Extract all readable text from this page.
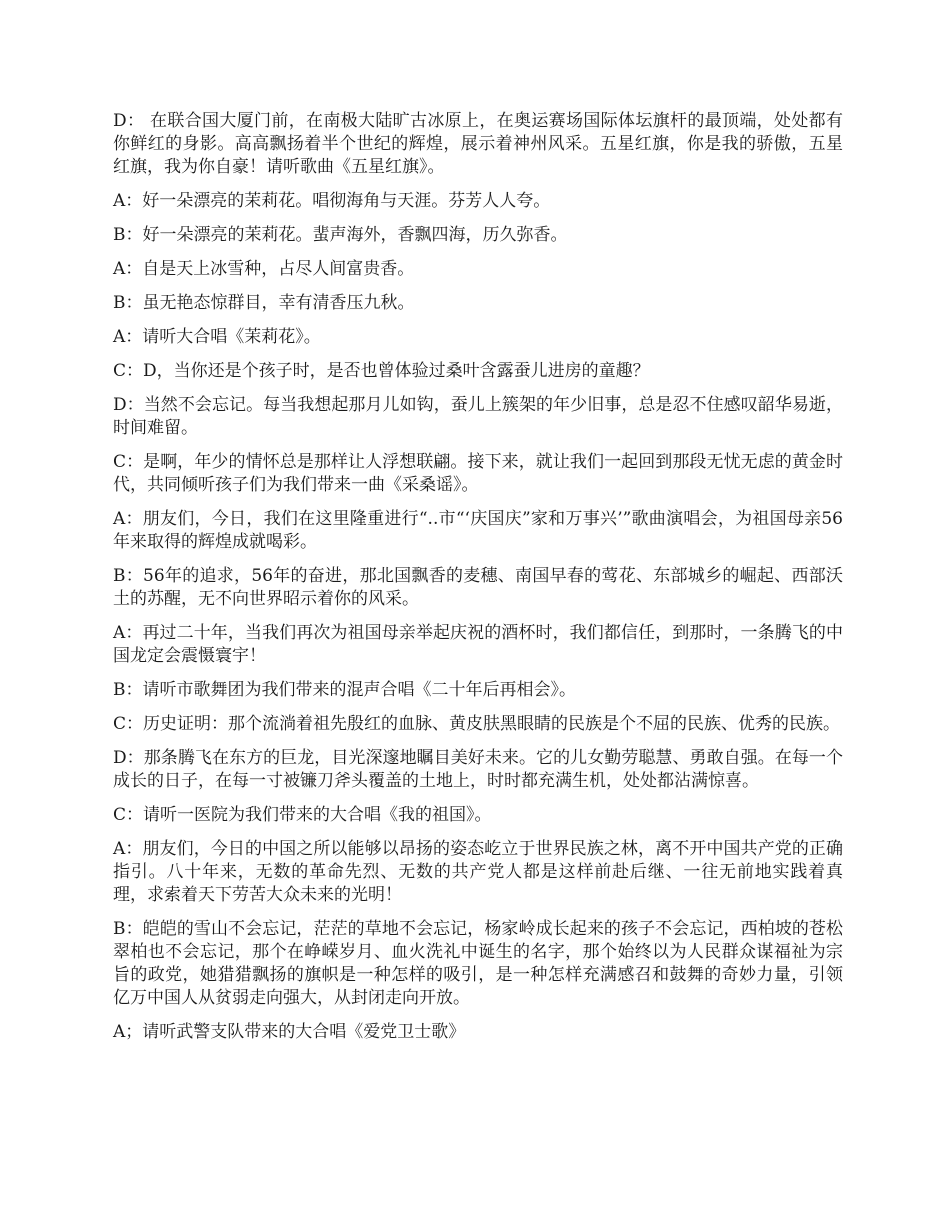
D： 在联合国大厦门前，在南极大陆旷古冰原上，在奥运赛场国际体坛旗杆的最顶端，处处都有你鲜红的身影。高高飘扬着半个世纪的辉煌，展示着神州风采。五星红旗，你是我的骄傲，五星红旗，我为你自豪！请听歌曲《五星红旗》。

A：好一朵漂亮的茉莉花。唱彻海角与天涯。芬芳人人夸。

B：好一朵漂亮的茉莉花。蜚声海外，香飘四海，历久弥香。

A：自是天上冰雪种，占尽人间富贵香。

B：虽无艳态惊群目，幸有清香压九秋。

A：请听大合唱《茉莉花》。

C：D，当你还是个孩子时，是否也曾体验过桑叶含露蚕儿进房的童趣？

D：当然不会忘记。每当我想起那月儿如钩，蚕儿上簇架的年少旧事，总是忍不住感叹韶华易逝，时间难留。

C：是啊，年少的情怀总是那样让人浮想联翩。接下来，就让我们一起回到那段无忧无虑的黄金时代，共同倾听孩子们为我们带来一曲《采桑谣》。

A：朋友们，今日，我们在这里隆重进行“..市“‘庆国庆”家和万事兴’”歌曲演唱会，为祖国母亲56年来取得的辉煌成就喝彩。

B：56年的追求，56年的奋进，那北国飘香的麦穗、南国早春的莺花、东部城乡的崛起、西部沃土的苏醒，无不向世界昭示着你的风采。

A：再过二十年，当我们再次为祖国母亲举起庆祝的酒杯时，我们都信任，到那时，一条腾飞的中国龙定会震慑寰宇！

B：请听市歌舞团为我们带来的混声合唱《二十年后再相会》。

C：历史证明：那个流淌着祖先殷红的血脉、黄皮肤黑眼睛的民族是个不屈的民族、优秀的民族。

D：那条腾飞在东方的巨龙，目光深邃地瞩目美好未来。它的儿女勤劳聪慧、勇敢自强。在每一个成长的日子，在每一寸被镰刀斧头覆盖的土地上，时时都充满生机，处处都沾满惊喜。

C：请听一医院为我们带来的大合唱《我的祖国》。

A：朋友们，今日的中国之所以能够以昂扬的姿态屹立于世界民族之林，离不开中国共产党的正确指引。八十年来，无数的革命先烈、无数的共产党人都是这样前赴后继、一往无前地实践着真理，求索着天下劳苦大众未来的光明！

B：皑皑的雪山不会忘记，茫茫的草地不会忘记，杨家岭成长起来的孩子不会忘记，西柏坡的苍松翠柏也不会忘记，那个在峥嵘岁月、血火洗礼中诞生的名字，那个始终以为人民群众谋福祉为宗旨的政党，她猎猎飘扬的旗帜是一种怎样的吸引，是一种怎样充满感召和鼓舞的奇妙力量，引领亿万中国人从贫弱走向强大，从封闭走向开放。

A；请听武警支队带来的大合唱《爱党卫士歌》
